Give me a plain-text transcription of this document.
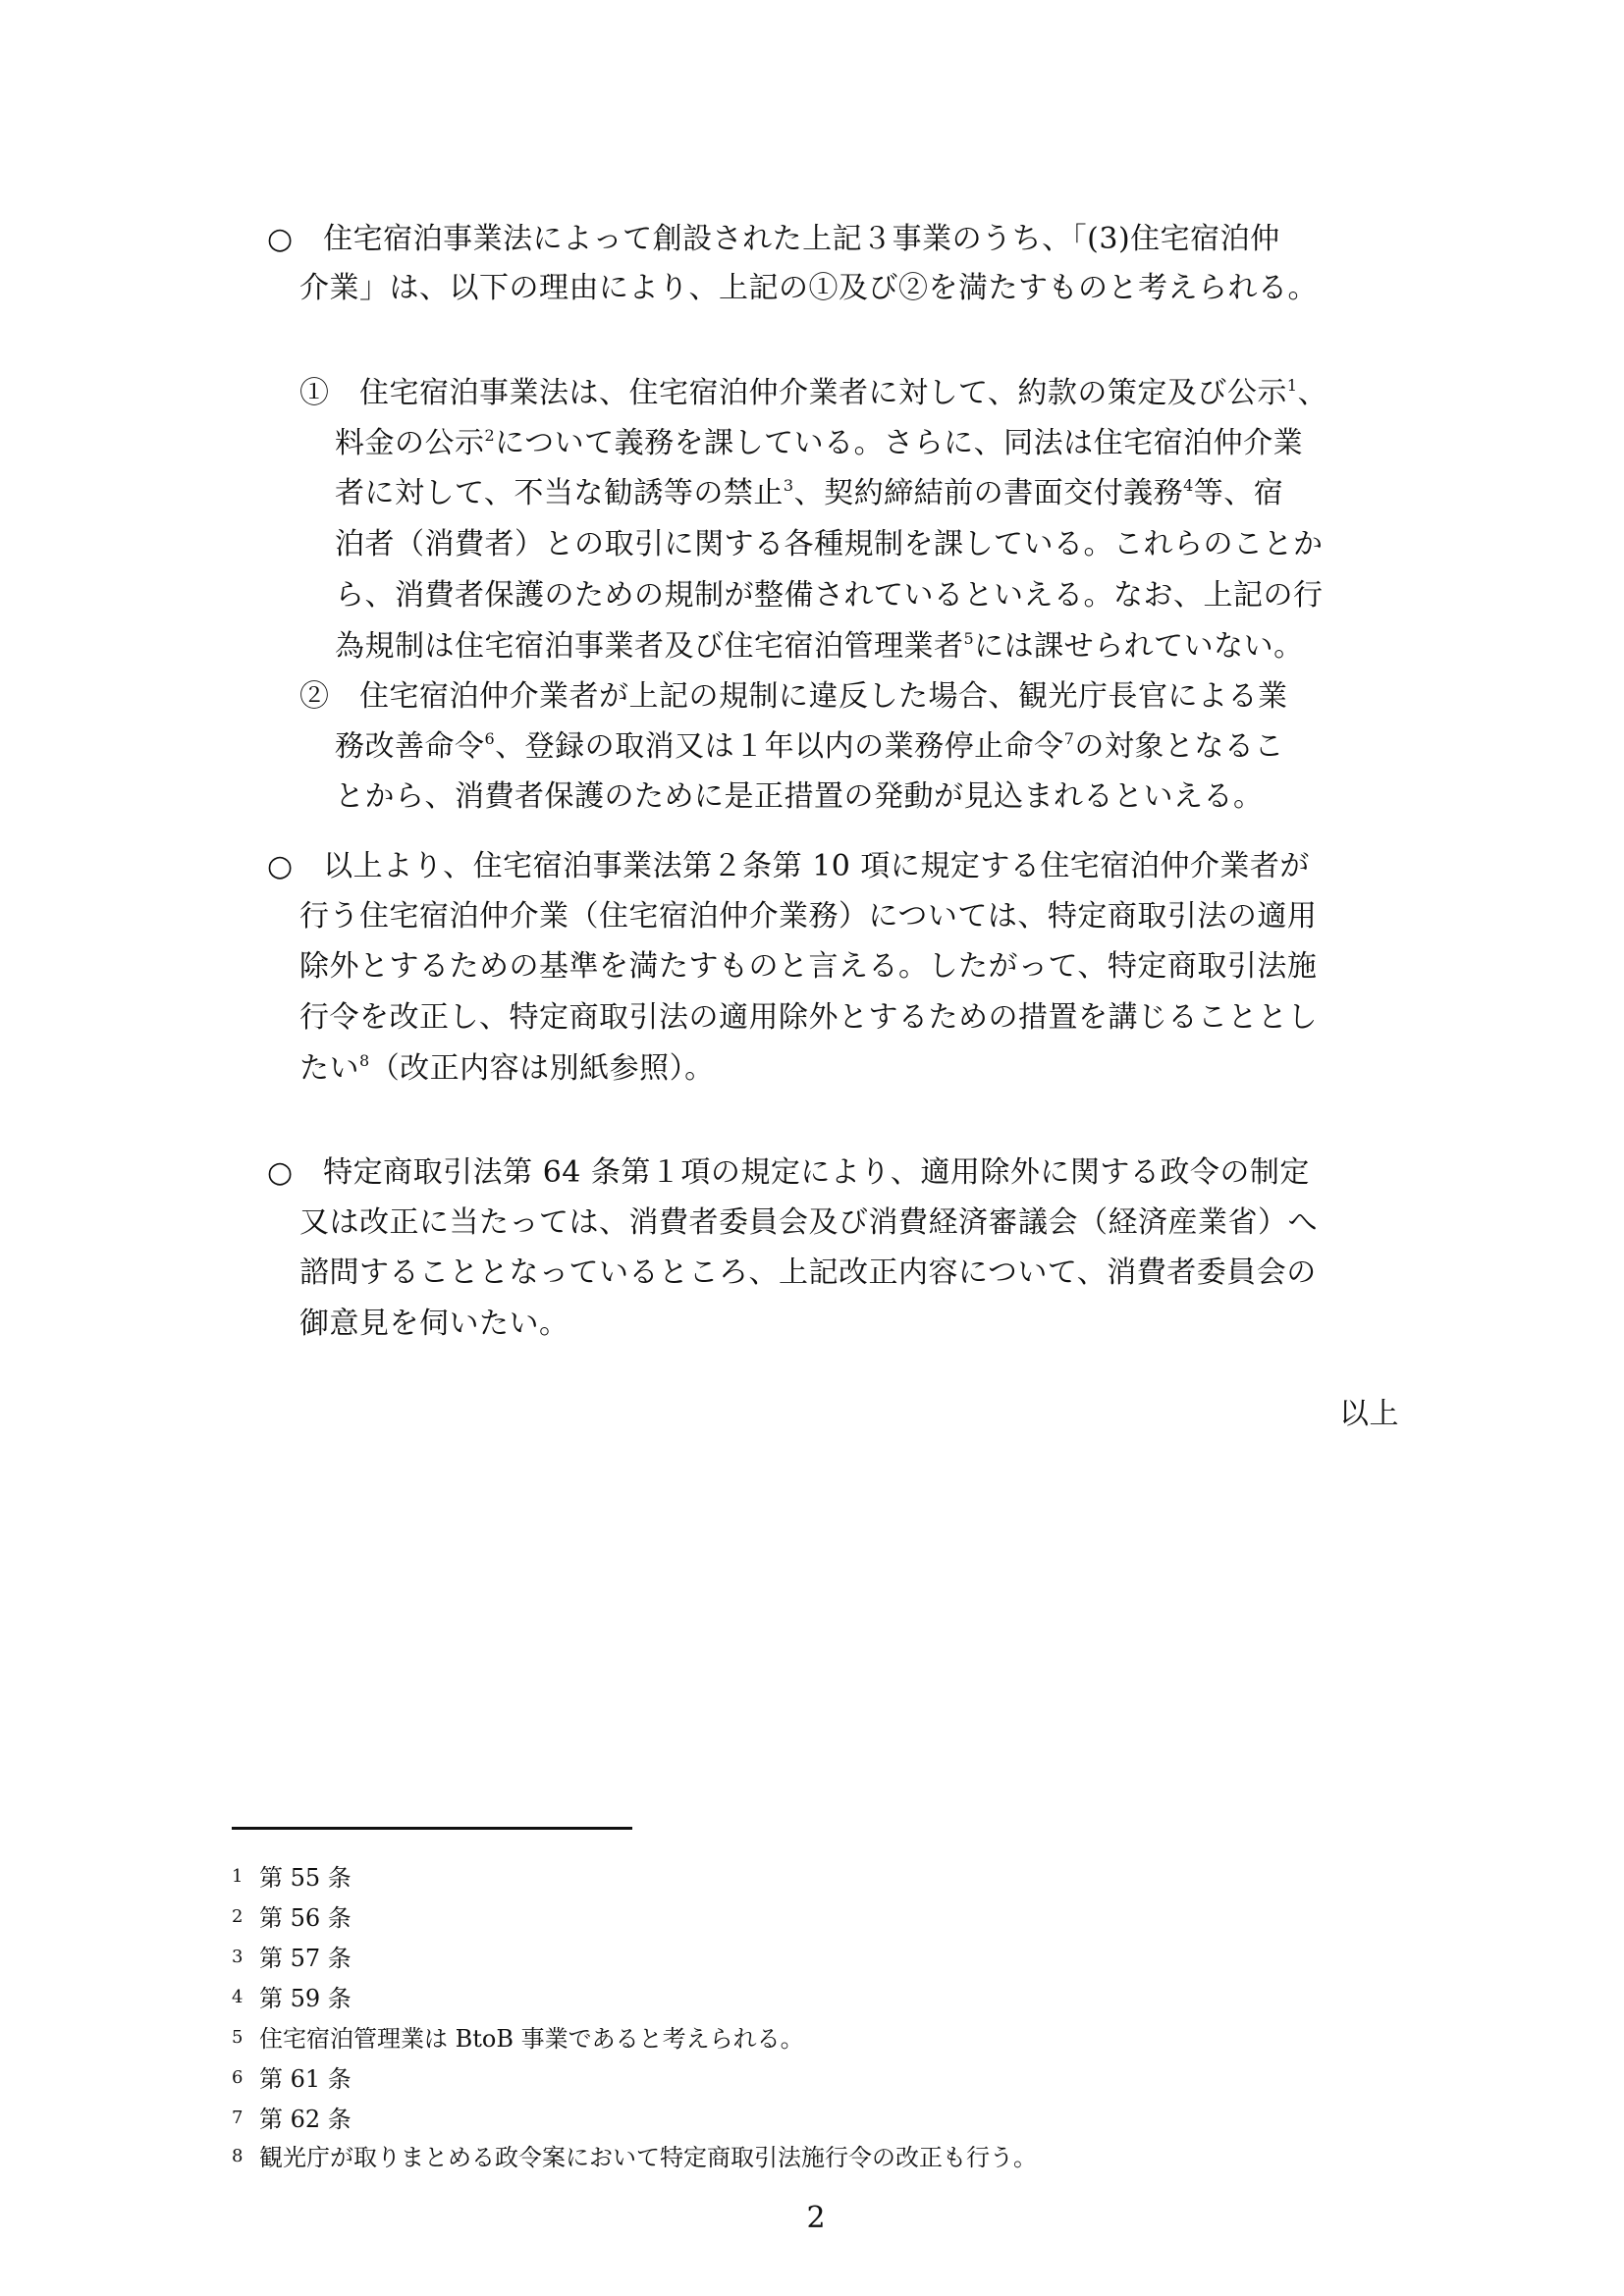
○　住宅宿泊事業法によって創設された上記３事業のうち、「(3)住宅宿泊仲
介業」は、以下の理由により、上記の①及び②を満たすものと考えられる。
①　住宅宿泊事業法は、住宅宿泊仲介業者に対して、約款の策定及び公示$^1$、
料金の公示$^2$について義務を課している。さらに、同法は住宅宿泊仲介業
者に対して、不当な勧誘等の禁止$^3$、契約締結前の書面交付義務$^4$等、宿
泊者（消費者）との取引に関する各種規制を課している。これらのことか
ら、消費者保護のための規制が整備されているといえる。なお、上記の行
為規制は住宅宿泊事業者及び住宅宿泊管理業者$^5$には課せられていない。
②　住宅宿泊仲介業者が上記の規制に違反した場合、観光庁長官による業
務改善命令$^6$、登録の取消又は１年以内の業務停止命令$^7$の対象となるこ
とから、消費者保護のために是正措置の発動が見込まれるといえる。
○　以上より、住宅宿泊事業法第２条第 10 項に規定する住宅宿泊仲介業者が
行う住宅宿泊仲介業（住宅宿泊仲介業務）については、特定商取引法の適用
除外とするための基準を満たすものと言える。したがって、特定商取引法施
行令を改正し、特定商取引法の適用除外とするための措置を講じることとし
たい$^8$（改正内容は別紙参照）。
○　特定商取引法第 64 条第１項の規定により、適用除外に関する政令の制定
又は改正に当たっては、消費者委員会及び消費経済審議会（経済産業省）へ
諮問することとなっているところ、上記改正内容について、消費者委員会の
御意見を伺いたい。
以上
1 第 55 条
2 第 56 条
3 第 57 条
4 第 59 条
5 住宅宿泊管理業は BtoB 事業であると考えられる。
6 第 61 条
7 第 62 条
8 観光庁が取りまとめる政令案において特定商取引法施行令の改正も行う。
2
